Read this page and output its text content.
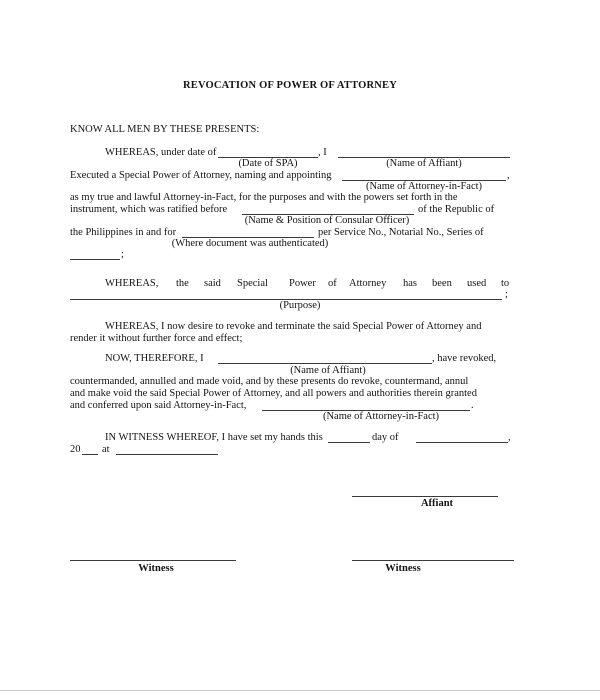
REVOCATION OF POWER OF ATTORNEY
KNOW ALL MEN BY THESE PRESENTS:
WHEREAS, under date of	, I
(Date of SPA)	(Name of Affiant)
Executed a Special Power of Attorney, naming and appointing	,
(Name of Attorney-in-Fact)
as my true and lawful Attorney-in-Fact, for the purposes and with the powers set forth in the
instrument, which was ratified before	of the Republic of
(Name & Position of Consular Officer)
the Philippines in and for	per Service No., Notarial No., Series of
(Where document was authenticated)
;
WHEREAS, the said Special Power of Attorney has been used to
;
(Purpose)
WHEREAS, I now desire to revoke and terminate the said Special Power of Attorney and
render it without further force and effect;
NOW, THEREFORE, I	, have revoked,
(Name of Affiant)
countermanded, annulled and made void, and by these presents do revoke, countermand, annul
and make void the said Special Power of Attorney, and all powers and authorities therein granted
and conferred upon said Attorney-in-Fact,	.
(Name of Attorney-in-Fact)
IN WITNESS WHEREOF, I have set my hands this	day of	,
20 at
Affiant
Witness	Witness
